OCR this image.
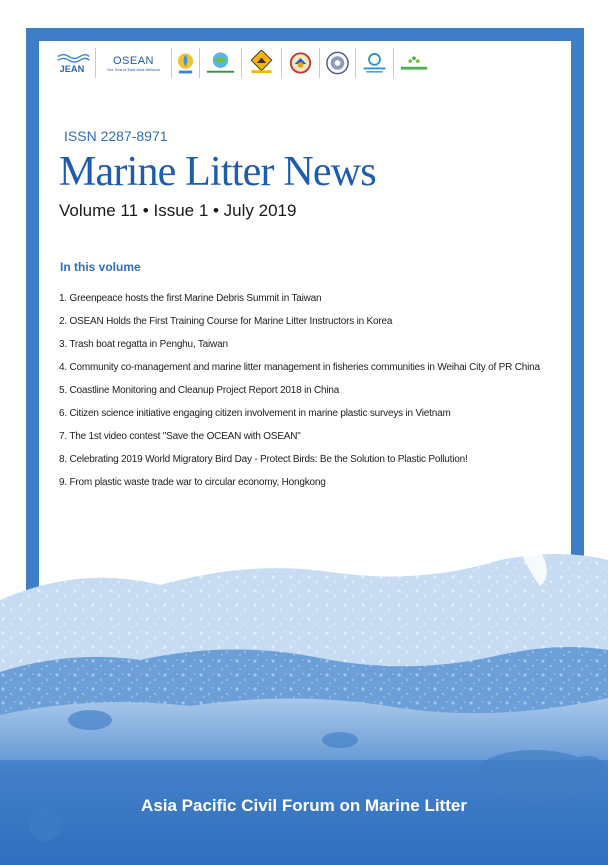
JEAN
OSEAN
Our Sea of East Asia Network
ISSN 2287-8971
Marine Litter News
Volume 11 • Issue 1 • July 2019
In this volume
1. Greenpeace hosts the first Marine Debris Summit in Taiwan
2. OSEAN Holds the First Training Course for Marine Litter Instructors in Korea
3. Trash boat regatta in Penghu, Taiwan
4. Community co-management and marine litter management in fisheries communities in Weihai City of PR China
5. Coastline Monitoring and Cleanup Project Report 2018 in China
6. Citizen science initiative engaging citizen involvement in marine plastic surveys in Vietnam
7. The 1st video contest "Save the OCEAN with OSEAN"
8. Celebrating 2019 World Migratory Bird Day - Protect Birds: Be the Solution to Plastic Pollution!
9. From plastic waste trade war to circular economy, Hongkong
Asia Pacific Civil Forum on Marine Litter
